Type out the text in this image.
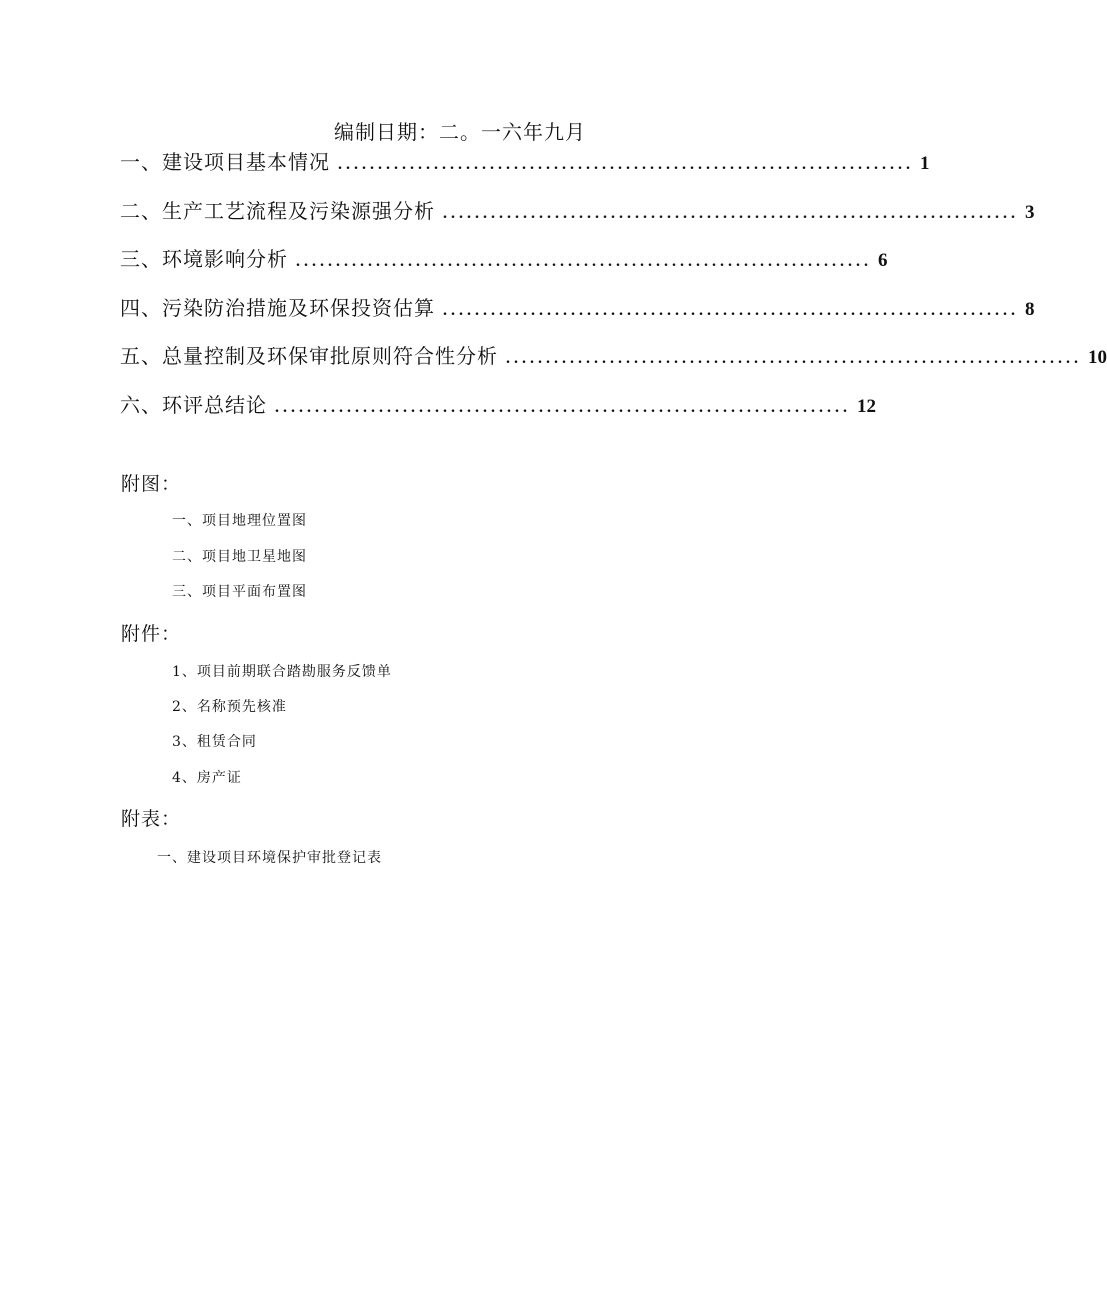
编制日期：二。一六年九月
一、建设项目基本情况 ........................................................................ 1
二、生产工艺流程及污染源强分析 ........................................................................ 3
三、环境影响分析 ........................................................................ 6
四、污染防治措施及环保投资估算 ........................................................................ 8
五、总量控制及环保审批原则符合性分析 ........................................................................ 10
六、环评总结论 ........................................................................ 12
附图：
一、项目地理位置图
二、项目地卫星地图
三、项目平面布置图
附件：
1、项目前期联合踏勘服务反馈单
2、名称预先核准
3、租赁合同
4、房产证
附表：
一、建设项目环境保护审批登记表
